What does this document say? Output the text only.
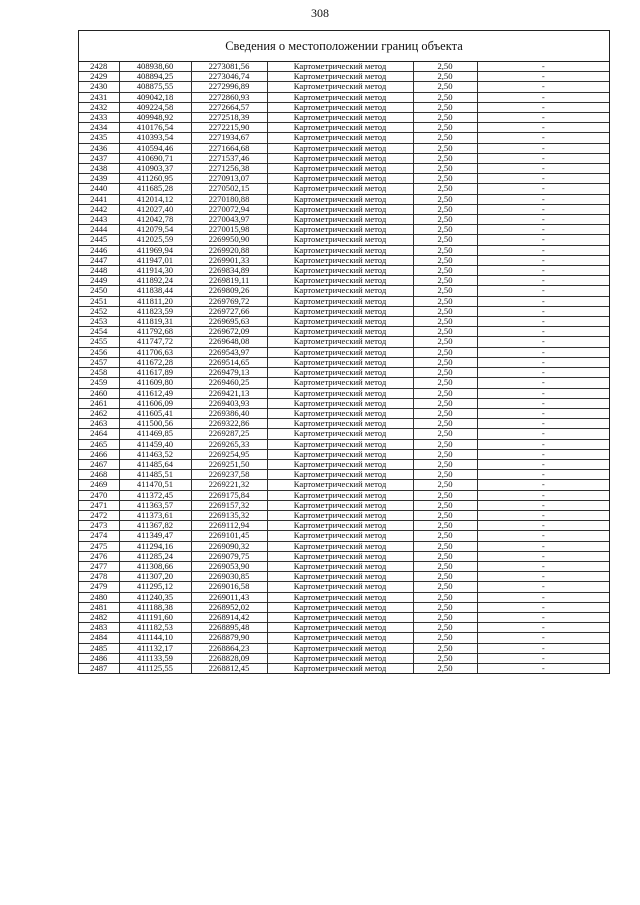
308
Сведения о местоположении границ объекта
2428	408938,60	2273081,56	Картометрический метод	2,50	-
2429	408894,25	2273046,74	Картометрический метод	2,50	-
2430	408875,55	2272996,89	Картометрический метод	2,50	-
2431	409042,18	2272860,93	Картометрический метод	2,50	-
2432	409224,58	2272664,57	Картометрический метод	2,50	-
2433	409948,92	2272518,39	Картометрический метод	2,50	-
2434	410176,54	2272215,90	Картометрический метод	2,50	-
2435	410393,54	2271934,67	Картометрический метод	2,50	-
2436	410594,46	2271664,68	Картометрический метод	2,50	-
2437	410690,71	2271537,46	Картометрический метод	2,50	-
2438	410903,37	2271256,38	Картометрический метод	2,50	-
2439	411260,95	2270913,07	Картометрический метод	2,50	-
2440	411685,28	2270502,15	Картометрический метод	2,50	-
2441	412014,12	2270180,88	Картометрический метод	2,50	-
2442	412027,40	2270072,94	Картометрический метод	2,50	-
2443	412042,78	2270043,97	Картометрический метод	2,50	-
2444	412079,54	2270015,98	Картометрический метод	2,50	-
2445	412025,59	2269950,90	Картометрический метод	2,50	-
2446	411969,94	2269920,88	Картометрический метод	2,50	-
2447	411947,01	2269901,33	Картометрический метод	2,50	-
2448	411914,30	2269834,89	Картометрический метод	2,50	-
2449	411892,24	2269819,11	Картометрический метод	2,50	-
2450	411838,44	2269809,26	Картометрический метод	2,50	-
2451	411811,20	2269769,72	Картометрический метод	2,50	-
2452	411823,59	2269727,66	Картометрический метод	2,50	-
2453	411819,31	2269695,63	Картометрический метод	2,50	-
2454	411792,68	2269672,09	Картометрический метод	2,50	-
2455	411747,72	2269648,08	Картометрический метод	2,50	-
2456	411706,63	2269543,97	Картометрический метод	2,50	-
2457	411672,28	2269514,65	Картометрический метод	2,50	-
2458	411617,89	2269479,13	Картометрический метод	2,50	-
2459	411609,80	2269460,25	Картометрический метод	2,50	-
2460	411612,49	2269421,13	Картометрический метод	2,50	-
2461	411606,09	2269403,93	Картометрический метод	2,50	-
2462	411605,41	2269386,40	Картометрический метод	2,50	-
2463	411500,56	2269322,86	Картометрический метод	2,50	-
2464	411469,85	2269287,25	Картометрический метод	2,50	-
2465	411459,40	2269265,33	Картометрический метод	2,50	-
2466	411463,52	2269254,95	Картометрический метод	2,50	-
2467	411485,64	2269251,50	Картометрический метод	2,50	-
2468	411485,51	2269237,58	Картометрический метод	2,50	-
2469	411470,51	2269221,32	Картометрический метод	2,50	-
2470	411372,45	2269175,84	Картометрический метод	2,50	-
2471	411363,57	2269157,32	Картометрический метод	2,50	-
2472	411373,61	2269135,32	Картометрический метод	2,50	-
2473	411367,82	2269112,94	Картометрический метод	2,50	-
2474	411349,47	2269101,45	Картометрический метод	2,50	-
2475	411294,16	2269090,32	Картометрический метод	2,50	-
2476	411285,24	2269079,75	Картометрический метод	2,50	-
2477	411308,66	2269053,90	Картометрический метод	2,50	-
2478	411307,20	2269030,85	Картометрический метод	2,50	-
2479	411295,12	2269016,58	Картометрический метод	2,50	-
2480	411240,35	2269011,43	Картометрический метод	2,50	-
2481	411188,38	2268952,02	Картометрический метод	2,50	-
2482	411191,60	2268914,42	Картометрический метод	2,50	-
2483	411182,53	2268895,48	Картометрический метод	2,50	-
2484	411144,10	2268879,90	Картометрический метод	2,50	-
2485	411132,17	2268864,23	Картометрический метод	2,50	-
2486	411133,59	2268828,09	Картометрический метод	2,50	-
2487	411125,55	2268812,45	Картометрический метод	2,50	-
